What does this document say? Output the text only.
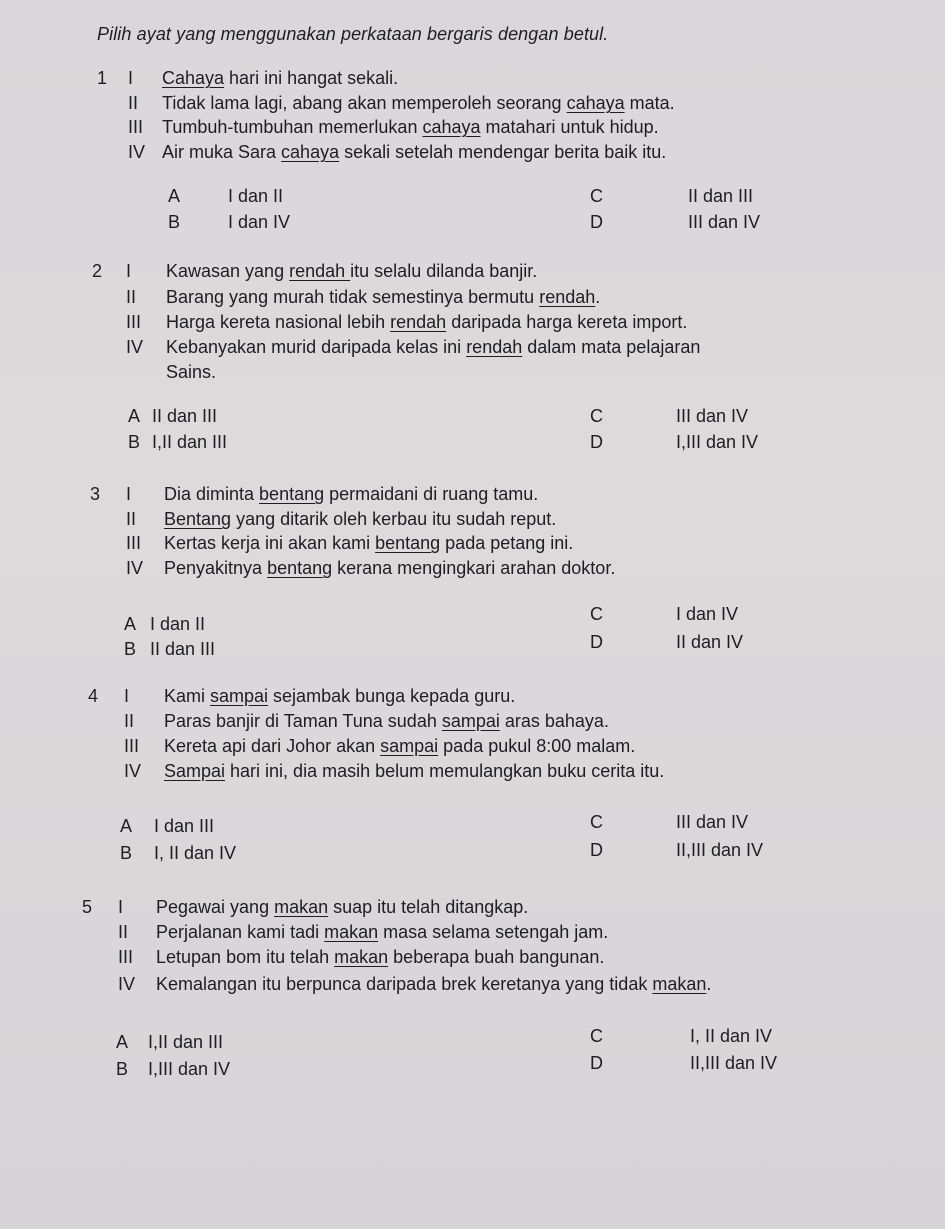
Pilih ayat yang menggunakan perkataan bergaris dengan betul.
1 I Cahaya hari ini hangat sekali.
II Tidak lama lagi, abang akan memperoleh seorang cahaya mata.
III Tumbuh-tumbuhan memerlukan cahaya matahari untuk hidup.
IV Air muka Sara cahaya sekali setelah mendengar berita baik itu.
A	I dan II
B	I dan IV
C	II dan III
D	III dan IV
2 I Kawasan yang rendah itu selalu dilanda banjir.
II Barang yang murah tidak semestinya bermutu rendah.
III Harga kereta nasional lebih rendah daripada harga kereta import.
IV Kebanyakan murid daripada kelas ini rendah dalam mata pelajaran
Sains.
A II dan III
B I,II dan III
C	III dan IV
D	I,III dan IV
3 I Dia diminta bentang permaidani di ruang tamu.
II Bentang yang ditarik oleh kerbau itu sudah reput.
III Kertas kerja ini akan kami bentang pada petang ini.
IV Penyakitnya bentang kerana mengingkari arahan doktor.
A I dan II
B II dan III
C	I dan IV
D	II dan IV
4 I Kami sampai sejambak bunga kepada guru.
II Paras banjir di Taman Tuna sudah sampai aras bahaya.
III Kereta api dari Johor akan sampai pada pukul 8:00 malam.
IV Sampai hari ini, dia masih belum memulangkan buku cerita itu.
A I dan III
B I, II dan IV
C	III dan IV
D	II,III dan IV
5 I Pegawai yang makan suap itu telah ditangkap.
II Perjalanan kami tadi makan masa selama setengah jam.
III Letupan bom itu telah makan beberapa buah bangunan.
IV Kemalangan itu berpunca daripada brek keretanya yang tidak makan.
A I,II dan III
B I,III dan IV
C	I, II dan IV
D	II,III dan IV
